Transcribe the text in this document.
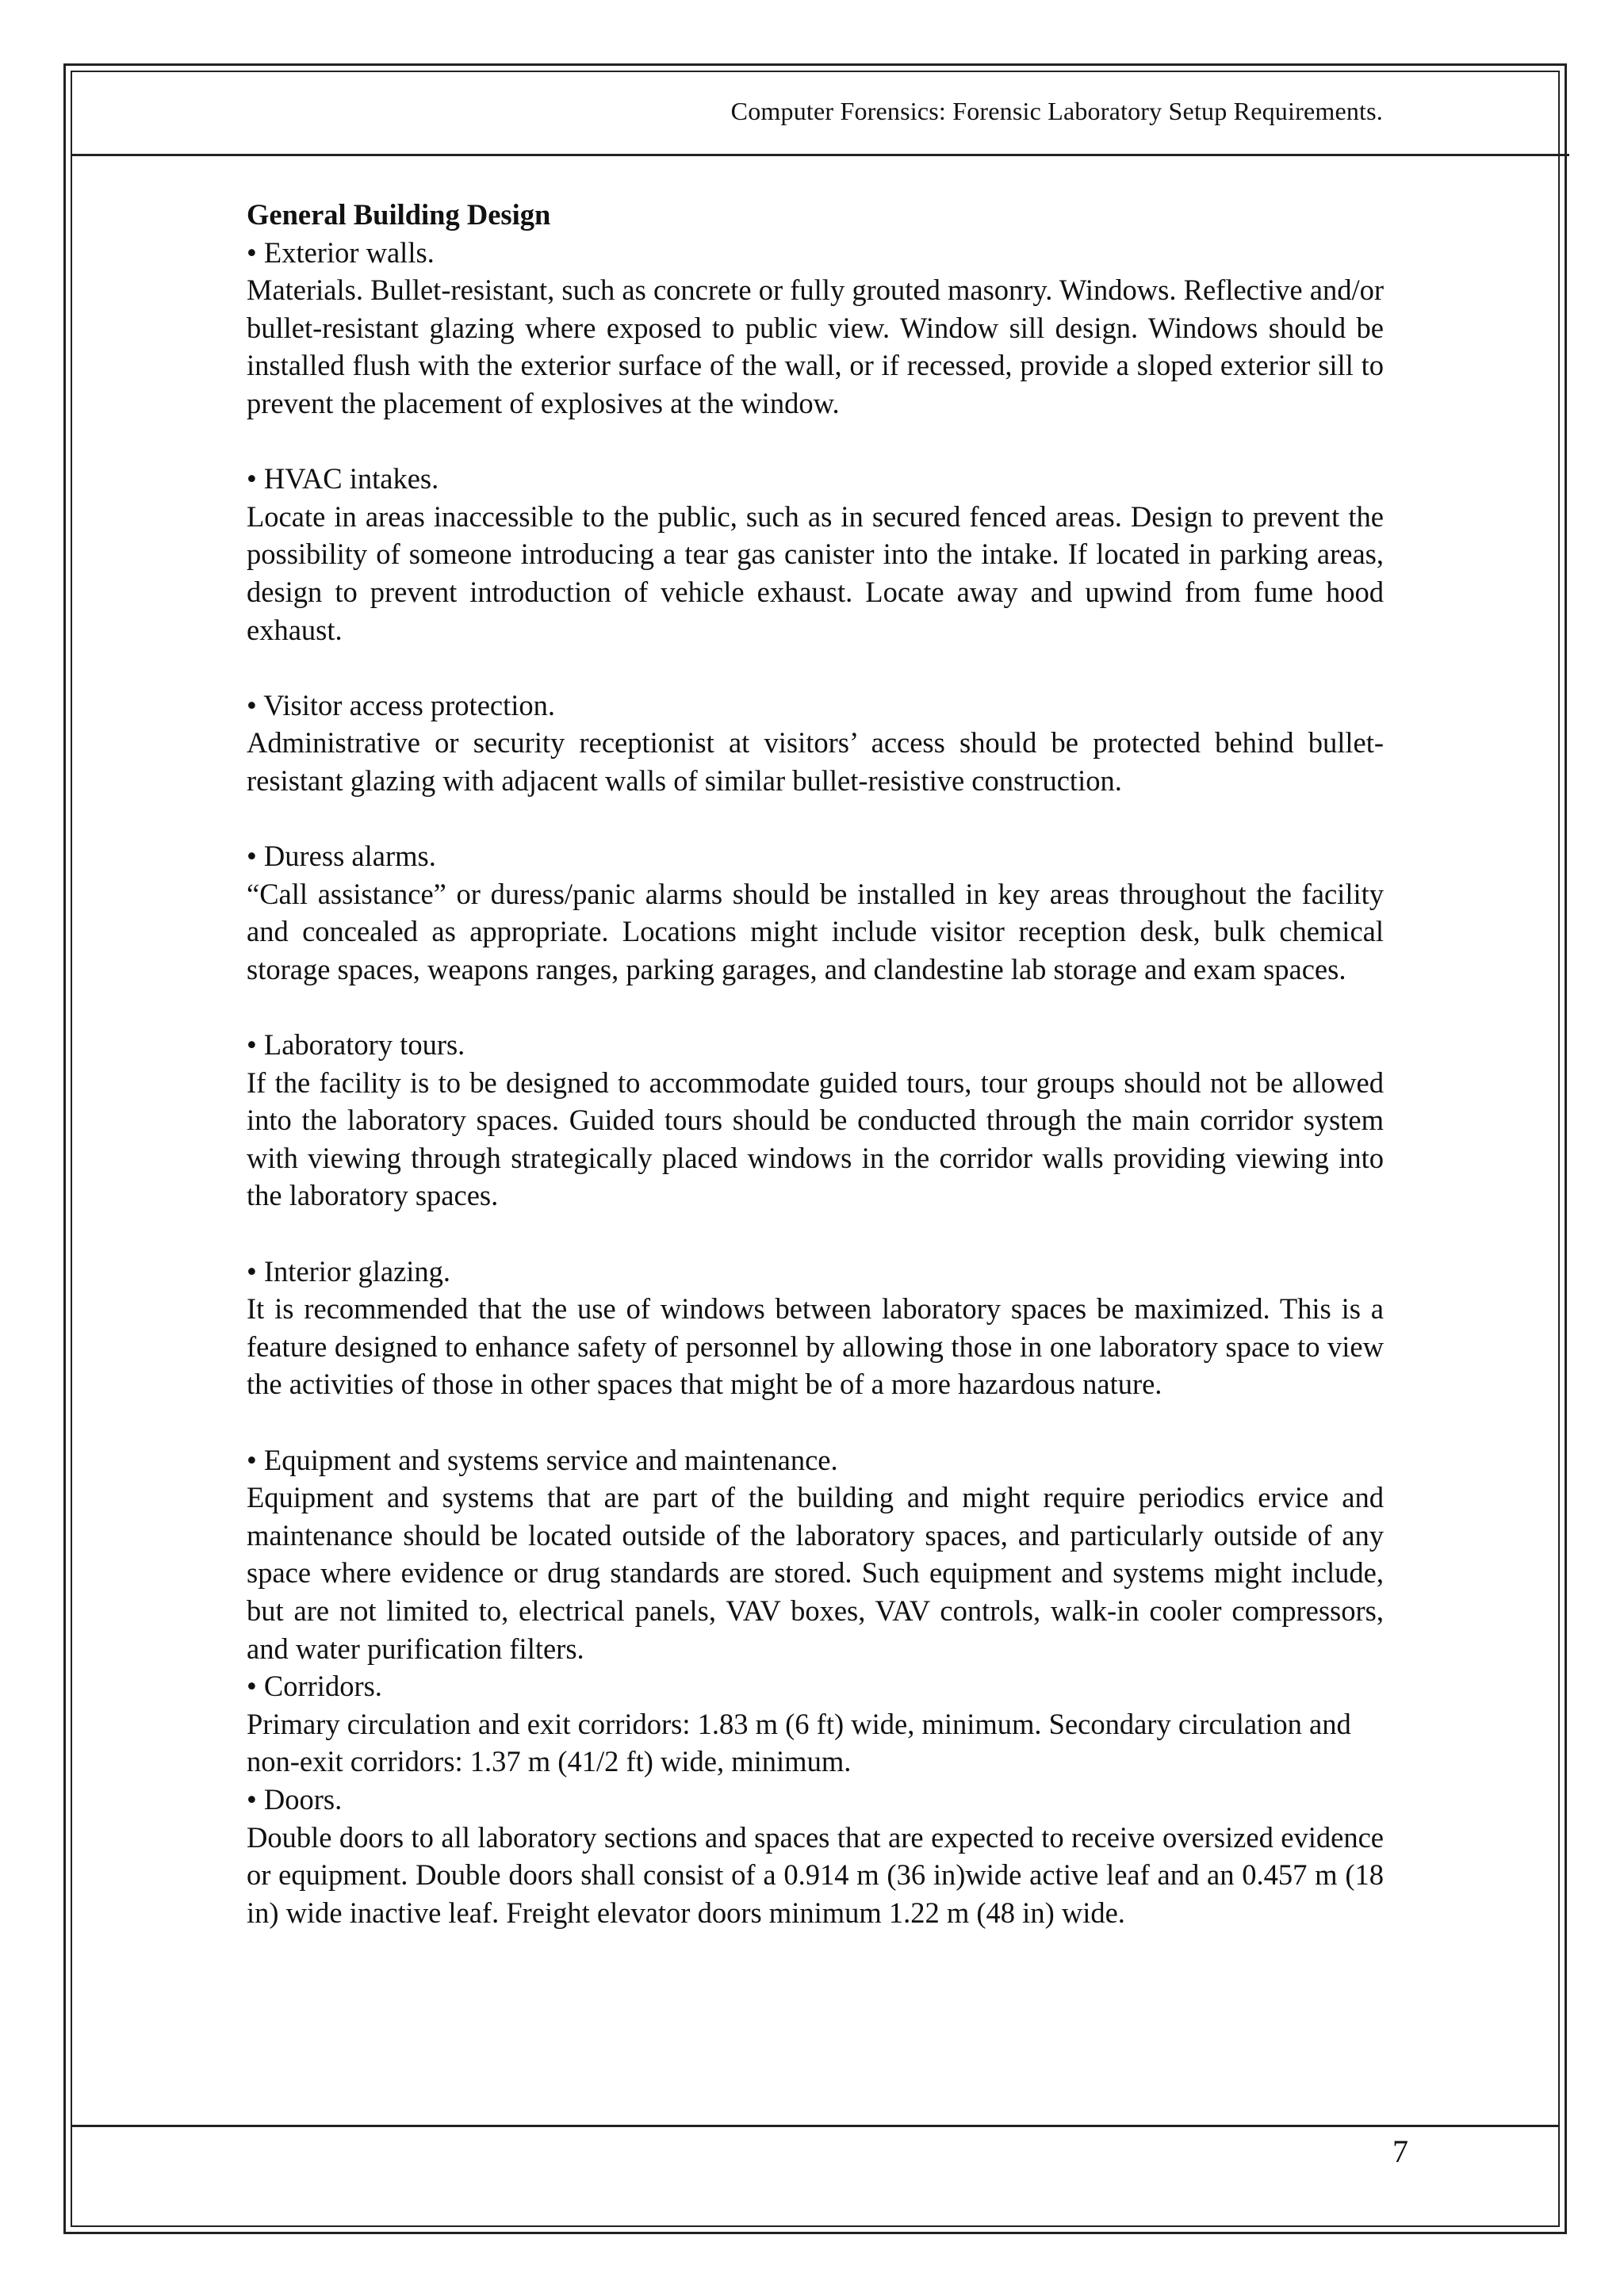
Computer Forensics: Forensic Laboratory Setup Requirements.
General Building Design

• Exterior walls.

Materials. Bullet-resistant, such as concrete or fully grouted masonry. Windows. Reflective and/or bullet-resistant glazing where exposed to public view. Window sill design. Windows should be installed flush with the exterior surface of the wall, or if recessed, provide a sloped exterior sill to prevent the placement of explosives at the window.

• HVAC intakes.

Locate in areas inaccessible to the public, such as in secured fenced areas. Design to prevent the possibility of someone introducing a tear gas canister into the intake. If located in parking areas, design to prevent introduction of vehicle exhaust. Locate away and upwind from fume hood exhaust.

• Visitor access protection.

Administrative or security receptionist at visitors’ access should be protected behind bullet-resistant glazing with adjacent walls of similar bullet-resistive construction.

• Duress alarms.

“Call assistance” or duress/panic alarms should be installed in key areas throughout the facility and concealed as appropriate. Locations might include visitor reception desk, bulk chemical storage spaces, weapons ranges, parking garages, and clandestine lab storage and exam spaces.

• Laboratory tours.

If the facility is to be designed to accommodate guided tours, tour groups should not be allowed into the laboratory spaces. Guided tours should be conducted through the main corridor system with viewing through strategically placed windows in the corridor walls providing viewing into the laboratory spaces.

• Interior glazing.

It is recommended that the use of windows between laboratory spaces be maximized. This is a feature designed to enhance safety of personnel by allowing those in one laboratory space to view the activities of those in other spaces that might be of a more hazardous nature.

• Equipment and systems service and maintenance.

Equipment and systems that are part of the building and might require periodics ervice and maintenance should be located outside of the laboratory spaces, and particularly outside of any space where evidence or drug standards are stored. Such equipment and systems might include, but are not limited to, electrical panels, VAV boxes, VAV controls, walk-in cooler compressors, and water purification filters.

• Corridors.

Primary circulation and exit corridors: 1.83 m (6 ft) wide, minimum. Secondary circulation and non-exit corridors: 1.37 m (41/2 ft) wide, minimum.

• Doors.

Double doors to all laboratory sections and spaces that are expected to receive oversized evidence or equipment. Double doors shall consist of a 0.914 m (36 in)wide active leaf and an 0.457 m (18 in) wide inactive leaf. Freight elevator doors minimum 1.22 m (48 in) wide.

7
